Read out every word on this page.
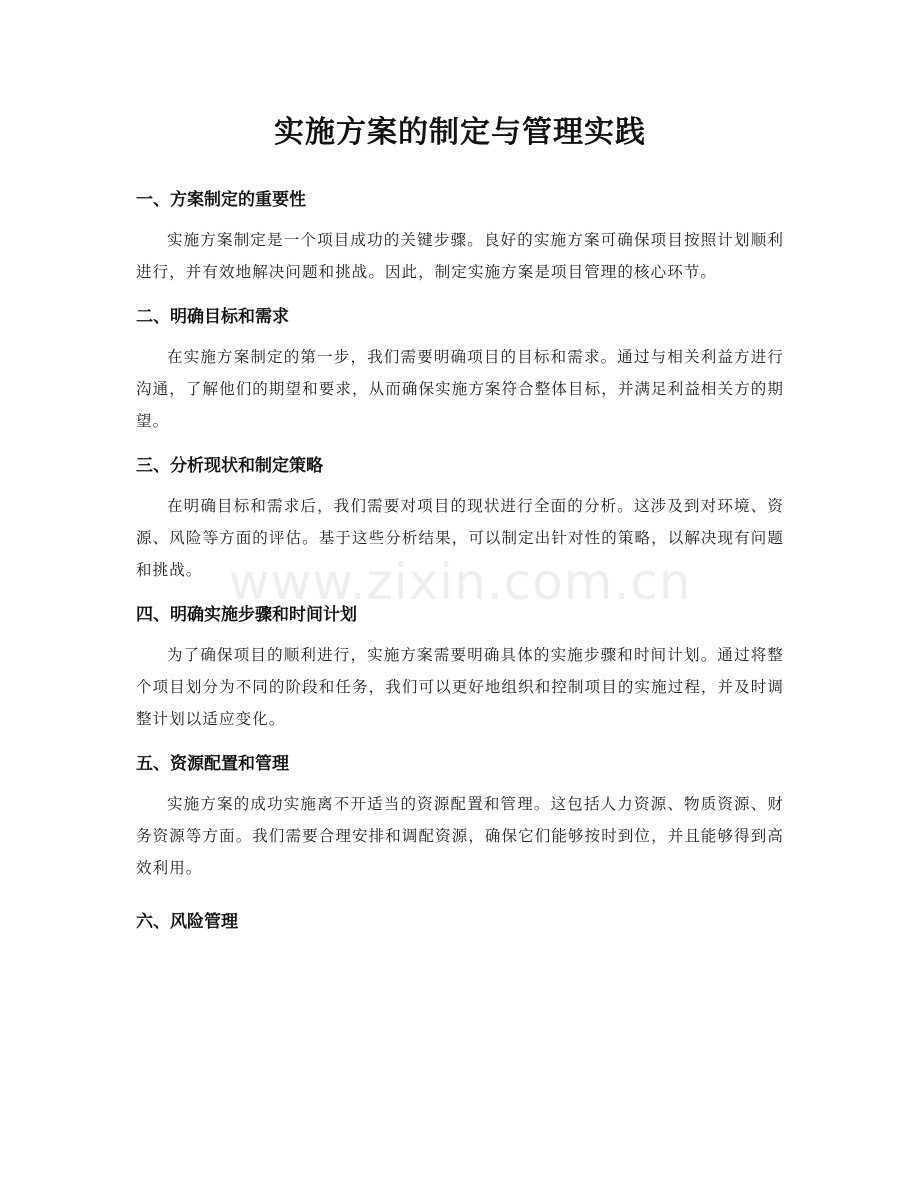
实施方案的制定与管理实践
一、方案制定的重要性

实施方案制定是一个项目成功的关键步骤。良好的实施方案可确保项目按照计划顺利进行，并有效地解决问题和挑战。因此，制定实施方案是项目管理的核心环节。

二、明确目标和需求

在实施方案制定的第一步，我们需要明确项目的目标和需求。通过与相关利益方进行沟通，了解他们的期望和要求，从而确保实施方案符合整体目标，并满足利益相关方的期望。

三、分析现状和制定策略

在明确目标和需求后，我们需要对项目的现状进行全面的分析。这涉及到对环境、资源、风险等方面的评估。基于这些分析结果，可以制定出针对性的策略，以解决现有问题和挑战。

四、明确实施步骤和时间计划

为了确保项目的顺利进行，实施方案需要明确具体的实施步骤和时间计划。通过将整个项目划分为不同的阶段和任务，我们可以更好地组织和控制项目的实施过程，并及时调整计划以适应变化。

五、资源配置和管理

实施方案的成功实施离不开适当的资源配置和管理。这包括人力资源、物质资源、财务资源等方面。我们需要合理安排和调配资源，确保它们能够按时到位，并且能够得到高效利用。

六、风险管理
www.zixin.com.cn
